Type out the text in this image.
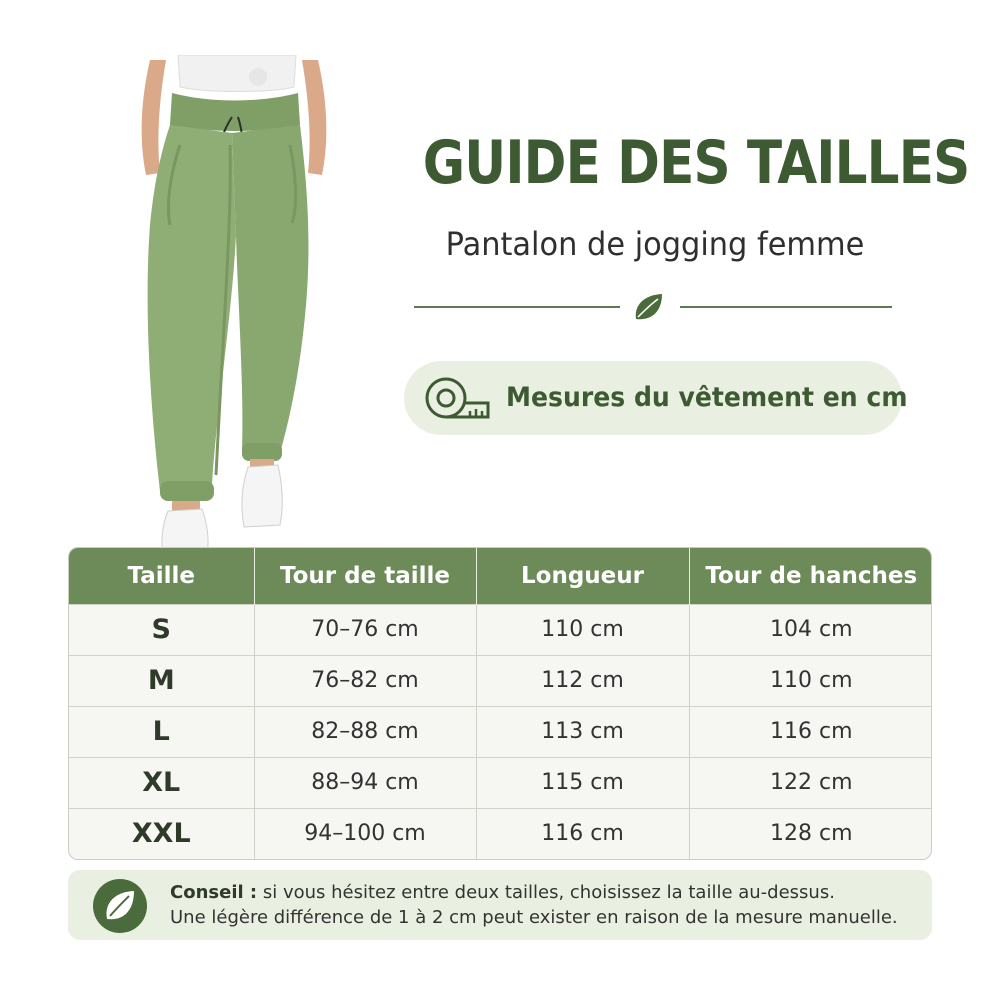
GUIDE DES TAILLES
Pantalon de jogging femme
Mesures du vêtement en cm
Taille	Tour de taille	Longueur	Tour de hanches
S	70–76 cm	110 cm	104 cm
M	76–82 cm	112 cm	110 cm
L	82–88 cm	113 cm	116 cm
XL	88–94 cm	115 cm	122 cm
XXL	94–100 cm	116 cm	128 cm
Conseil : si vous hésitez entre deux tailles, choisissez la taille au-dessus.
Une légère différence de 1 à 2 cm peut exister en raison de la mesure manuelle.
